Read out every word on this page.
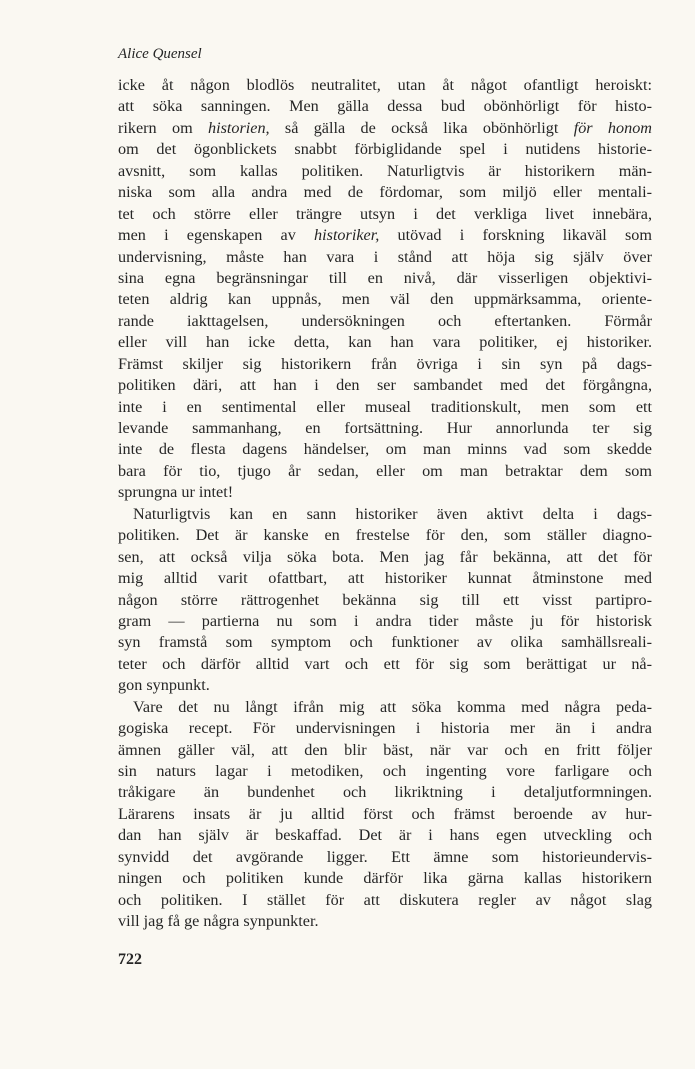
Alice Quensel
icke åt någon blodlös neutralitet, utan åt något ofantligt heroiskt:
att söka sanningen. Men gälla dessa bud obönhörligt för histo-
rikern om historien, så gälla de också lika obönhörligt för honom
om det ögonblickets snabbt förbiglidande spel i nutidens historie-
avsnitt, som kallas politiken. Naturligtvis är historikern män-
niska som alla andra med de fördomar, som miljö eller mentali-
tet och större eller trängre utsyn i det verkliga livet innebära,
men i egenskapen av historiker, utövad i forskning likaväl som
undervisning, måste han vara i stånd att höja sig själv över
sina egna begränsningar till en nivå, där visserligen objektivi-
teten aldrig kan uppnås, men väl den uppmärksamma, oriente-
rande iakttagelsen, undersökningen och eftertanken. Förmår
eller vill han icke detta, kan han vara politiker, ej historiker.
Främst skiljer sig historikern från övriga i sin syn på dags-
politiken däri, att han i den ser sambandet med det förgångna,
inte i en sentimental eller museal traditionskult, men som ett
levande sammanhang, en fortsättning. Hur annorlunda ter sig
inte de flesta dagens händelser, om man minns vad som skedde
bara för tio, tjugo år sedan, eller om man betraktar dem som
sprungna ur intet!
Naturligtvis kan en sann historiker även aktivt delta i dags-
politiken. Det är kanske en frestelse för den, som ställer diagno-
sen, att också vilja söka bota. Men jag får bekänna, att det för
mig alltid varit ofattbart, att historiker kunnat åtminstone med
någon större rättrogenhet bekänna sig till ett visst partipro-
gram — partierna nu som i andra tider måste ju för historisk
syn framstå som symptom och funktioner av olika samhällsreali-
teter och därför alltid vart och ett för sig som berättigat ur nå-
gon synpunkt.
Vare det nu långt ifrån mig att söka komma med några peda-
gogiska recept. För undervisningen i historia mer än i andra
ämnen gäller väl, att den blir bäst, när var och en fritt följer
sin naturs lagar i metodiken, och ingenting vore farligare och
tråkigare än bundenhet och likriktning i detaljutformningen.
Lärarens insats är ju alltid först och främst beroende av hur-
dan han själv är beskaffad. Det är i hans egen utveckling och
synvidd det avgörande ligger. Ett ämne som historieundervis-
ningen och politiken kunde därför lika gärna kallas historikern
och politiken. I stället för att diskutera regler av något slag
vill jag få ge några synpunkter.
722
